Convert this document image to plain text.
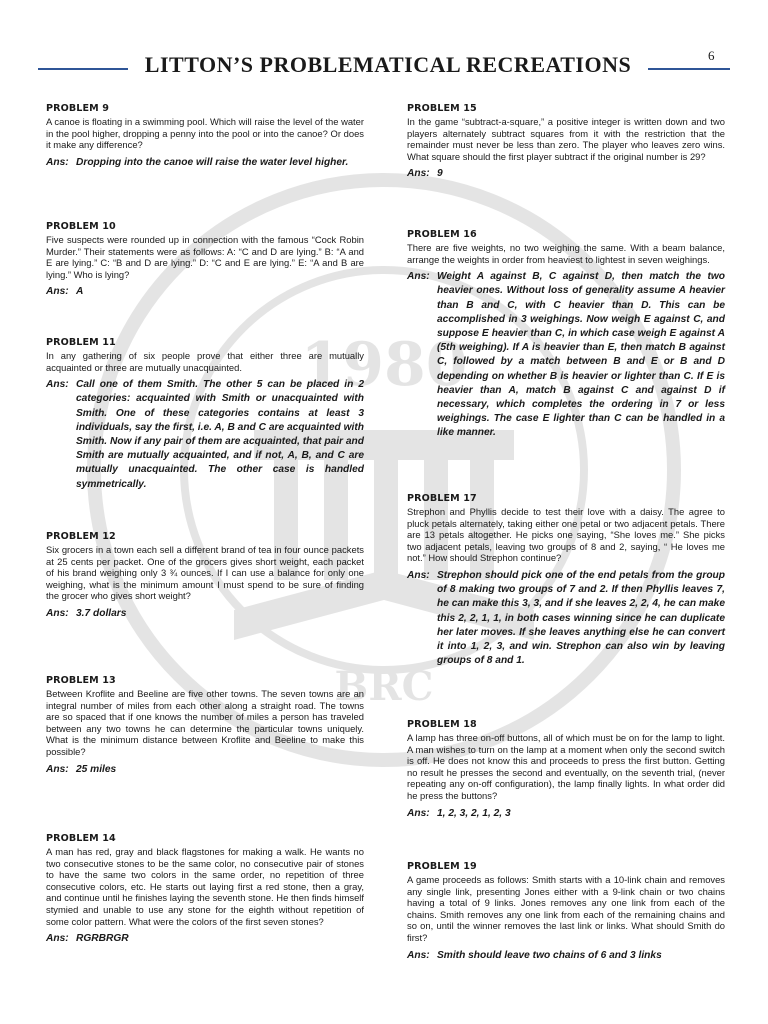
1980
BRC
LITTON’S PROBLEMATICAL RECREATIONS	6
PROBLEM 9

A canoe is floating in a swimming pool. Which will raise the level of the water in the pool higher, dropping a penny into the pool or into the canoe? Or does it make any difference?

Ans: Dropping into the canoe will raise the water level higher.
PROBLEM 10

Five suspects were rounded up in connection with the famous “Cock Robin Murder.” Their statements were as follows: A: “C and D are lying.” B: “A and E are lying.” C: “B and D are lying.” D: “C and E are lying.” E: “A and B are lying.” Who is lying?

Ans: A
PROBLEM 11

In any gathering of six people prove that either three are mutually acquainted or three are mutually unacquainted.

Ans: Call one of them Smith. The other 5 can be placed in 2 categories: acquainted with Smith or unacquainted with Smith. One of these categories contains at least 3 individuals, say the first, i.e. A, B and C are acquainted with Smith. Now if any pair of them are acquainted, that pair and Smith are mutually acquainted, and if not, A, B, and C are mutually unacquainted. The other case is handled symmetrically.
PROBLEM 12

Six grocers in a town each sell a different brand of tea in four ounce packets at 25 cents per packet. One of the grocers gives short weight, each packet of his brand weighing only 3 ¾ ounces. If I can use a balance for only one weighing, what is the minimum amount I must spend to be sure of finding the grocer who gives short weight?

Ans: 3.7 dollars
PROBLEM 13

Between Kroflite and Beeline are five other towns. The seven towns are an integral number of miles from each other along a straight road. The towns are so spaced that if one knows the number of miles a person has traveled between any two towns he can determine the particular towns uniquely. What is the minimum distance between Kroflite and Beeline to make this possible?

Ans: 25 miles
PROBLEM 14

A man has red, gray and black flagstones for making a walk. He wants no two consecutive stones to be the same color, no consecutive pair of stones to have the same two colors in the same order, no repetition of three consecutive colors, etc. He starts out laying first a red stone, then a gray, and continue until he finishes laying the seventh stone. He then finds himself stymied and unable to use any stone for the eighth without repetition of some color pattern. What were the colors of the first seven stones?

Ans: RGRBRGR
PROBLEM 15

In the game “subtract-a-square,” a positive integer is written down and two players alternately subtract squares from it with the restriction that the remainder must never be less than zero. The player who leaves zero wins. What square should the first player subtract if the original number is 29?

Ans: 9
PROBLEM 16

There are five weights, no two weighing the same. With a beam balance, arrange the weights in order from heaviest to lightest in seven weighings.

Ans: Weight A against B, C against D, then match the two heavier ones. Without loss of generality assume A heavier than B and C, with C heavier than D. This can be accomplished in 3 weighings. Now weigh E against C, and suppose E heavier than C, in which case weigh E against A (5th weighing). If A is heavier than E, then match B against C, followed by a match between B and E or B and D depending on whether B is heavier or lighter than C. If E is heavier than A, match B against C and against D if necessary, which completes the ordering in 7 or less weighings. The case E lighter than C can be handled in a like manner.
PROBLEM 17

Strephon and Phyllis decide to test their love with a daisy. The agree to pluck petals alternately, taking either one petal or two adjacent petals. There are 13 petals altogether. He picks one saying, “She loves me.” She picks two adjacent petals, leaving two groups of 8 and 2, saying, “ He loves me not.” How should Strephon continue?

Ans: Strephon should pick one of the end petals from the group of 8 making two groups of 7 and 2. If then Phyllis leaves 7, he can make this 3, 3, and if she leaves 2, 2, 4, he can make this 2, 2, 1, 1, in both cases winning since he can duplicate her later moves. If she leaves anything else he can convert it into 1, 2, 3, and win. Strephon can also win by leaving groups of 8 and 1.
PROBLEM 18

A lamp has three on-off buttons, all of which must be on for the lamp to light. A man wishes to turn on the lamp at a moment when only the second switch is off. He does not know this and proceeds to press the first button. Getting no result he presses the second and eventually, on the seventh trial, (never repeating any on-off configuration), the lamp finally lights. In what order did he press the buttons?

Ans: 1, 2, 3, 2, 1, 2, 3
PROBLEM 19

A game proceeds as follows: Smith starts with a 10-link chain and removes any single link, presenting Jones either with a 9-link chain or two chains having a total of 9 links. Jones removes any one link from each of the chains. Smith removes any one link from each of the remaining chains and so on, until the winner removes the last link or links. What should Smith do first?

Ans: Smith should leave two chains of 6 and 3 links
